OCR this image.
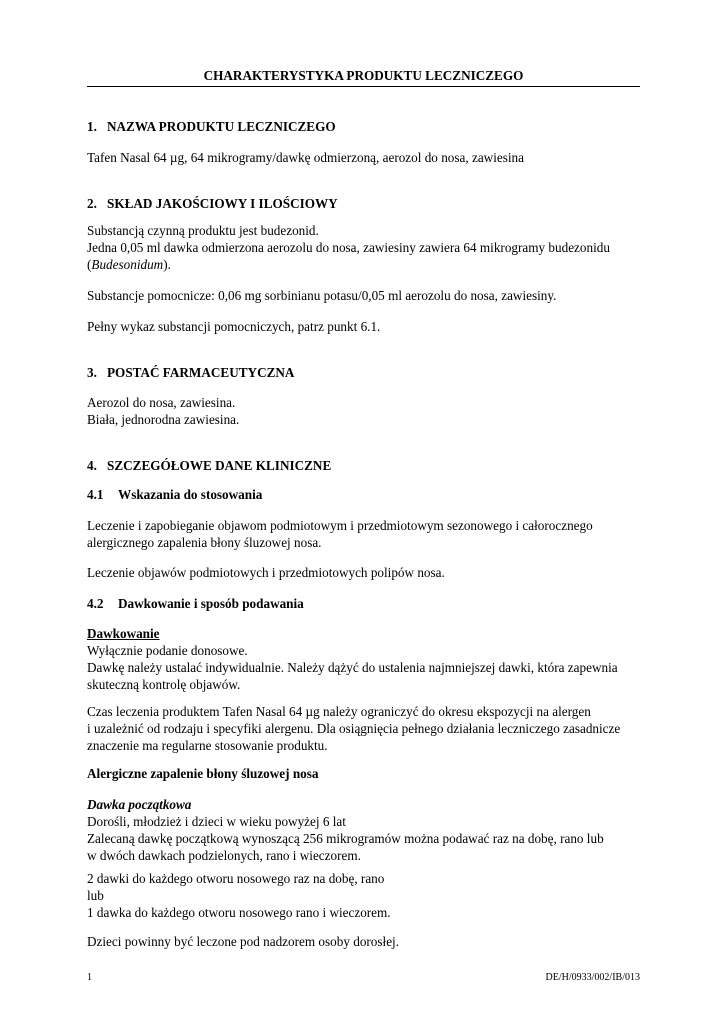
CHARAKTERYSTYKA PRODUKTU LECZNICZEGO
1. NAZWA PRODUKTU LECZNICZEGO
Tafen Nasal 64 µg, 64 mikrogramy/dawkę odmierzoną, aerozol do nosa, zawiesina
2. SKŁAD JAKOŚCIOWY I ILOŚCIOWY
Substancją czynną produktu jest budezonid.
Jedna 0,05 ml dawka odmierzona aerozolu do nosa, zawiesiny zawiera 64 mikrogramy budezonidu
(Budesonidum).
Substancje pomocnicze: 0,06 mg sorbinianu potasu/0,05 ml aerozolu do nosa, zawiesiny.
Pełny wykaz substancji pomocniczych, patrz punkt 6.1.
3. POSTAĆ FARMACEUTYCZNA
Aerozol do nosa, zawiesina.
Biała, jednorodna zawiesina.
4. SZCZEGÓŁOWE DANE KLINICZNE
4.1 Wskazania do stosowania
Leczenie i zapobieganie objawom podmiotowym i przedmiotowym sezonowego i całorocznego
alergicznego zapalenia błony śluzowej nosa.
Leczenie objawów podmiotowych i przedmiotowych polipów nosa.
4.2 Dawkowanie i sposób podawania
Dawkowanie
Wyłącznie podanie donosowe.
Dawkę należy ustalać indywidualnie. Należy dążyć do ustalenia najmniejszej dawki, która zapewnia
skuteczną kontrolę objawów.
Czas leczenia produktem Tafen Nasal 64 µg należy ograniczyć do okresu ekspozycji na alergen
i uzależnić od rodzaju i specyfiki alergenu. Dla osiągnięcia pełnego działania leczniczego zasadnicze
znaczenie ma regularne stosowanie produktu.
Alergiczne zapalenie błony śluzowej nosa
Dawka początkowa
Dorośli, młodzież i dzieci w wieku powyżej 6 lat
Zalecaną dawkę początkową wynoszącą 256 mikrogramów można podawać raz na dobę, rano lub
w dwóch dawkach podzielonych, rano i wieczorem.
2 dawki do każdego otworu nosowego raz na dobę, rano
lub
1 dawka do każdego otworu nosowego rano i wieczorem.
Dzieci powinny być leczone pod nadzorem osoby dorosłej.
1	DE/H/0933/002/IB/013
